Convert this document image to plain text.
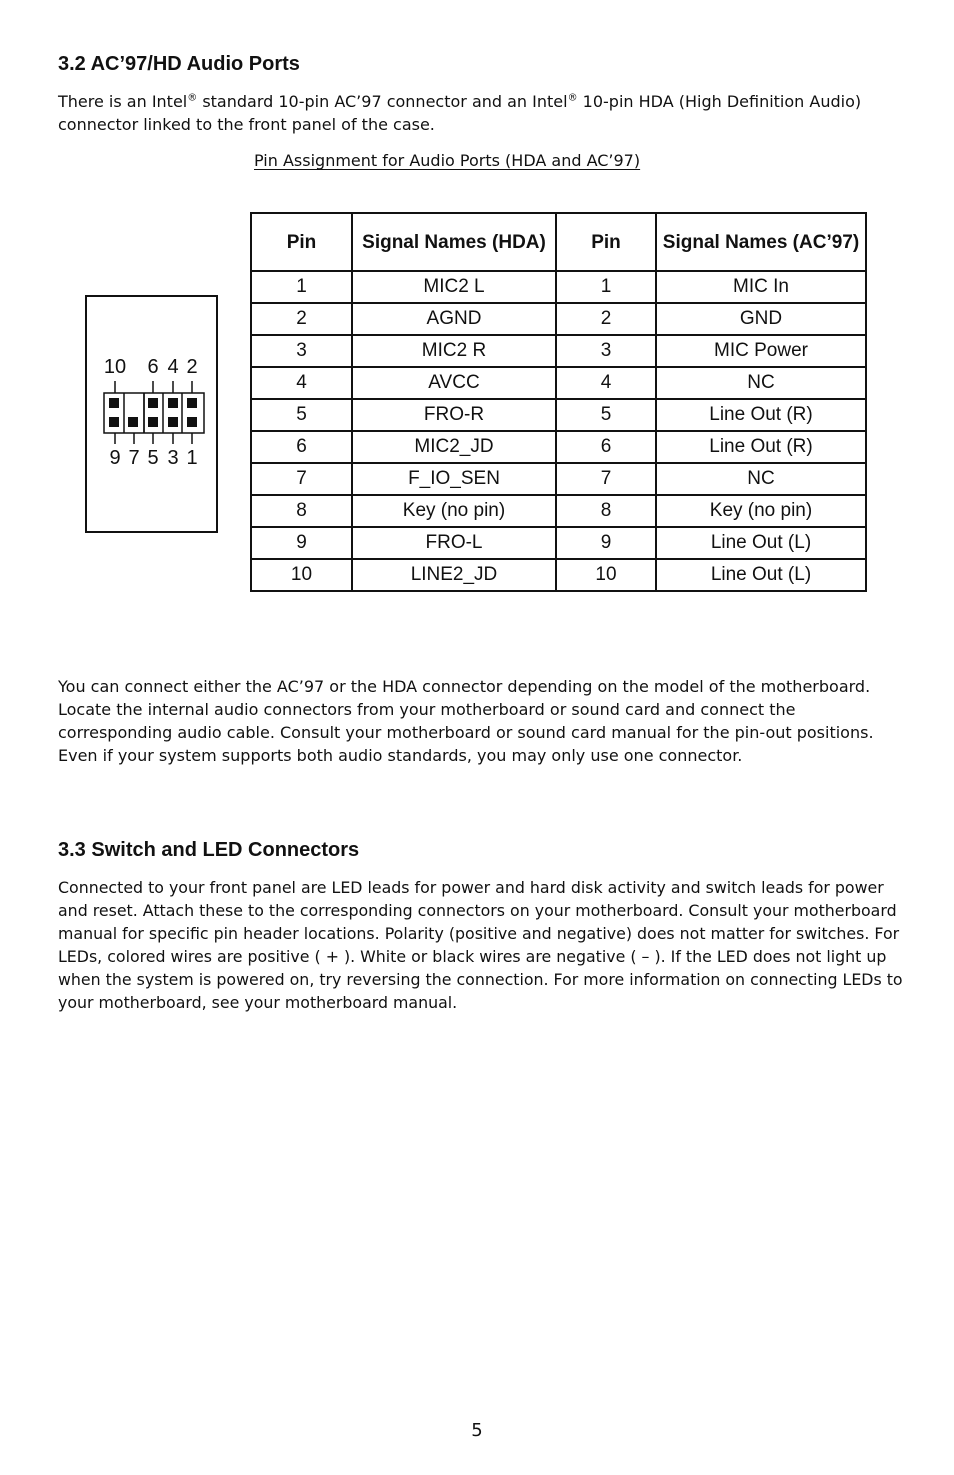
3.2 AC’97/HD Audio Ports

There is an Intel® standard 10-pin AC’97 connector and an Intel® 10-pin HDA (High Definition Audio) connector linked to the front panel of the case.

Pin Assignment for Audio Ports (HDA and AC’97)

10 6 4 2
9 7 5 3 1
Pin	Signal Names (HDA)	Pin	Signal Names (AC’97)
1	MIC2 L	1	MIC In
2	AGND	2	GND
3	MIC2 R	3	MIC Power
4	AVCC	4	NC
5	FRO-R	5	Line Out (R)
6	MIC2_JD	6	Line Out (R)
7	F_IO_SEN	7	NC
8	Key (no pin)	8	Key (no pin)
9	FRO-L	9	Line Out (L)
10	LINE2_JD	10	Line Out (L)

You can connect either the AC’97 or the HDA connector depending on the model of the motherboard. Locate the internal audio connectors from your motherboard or sound card and connect the corresponding audio cable. Consult your motherboard or sound card manual for the pin-out positions. Even if your system supports both audio standards, you may only use one connector.

3.3 Switch and LED Connectors

Connected to your front panel are LED leads for power and hard disk activity and switch leads for power and reset. Attach these to the corresponding connectors on your motherboard. Consult your motherboard manual for specific pin header locations. Polarity (positive and negative) does not matter for switches. For LEDs, colored wires are positive ( + ). White or black wires are negative ( – ). If the LED does not light up when the system is powered on, try reversing the connection. For more information on connecting LEDs to your motherboard, see your motherboard manual.

5
